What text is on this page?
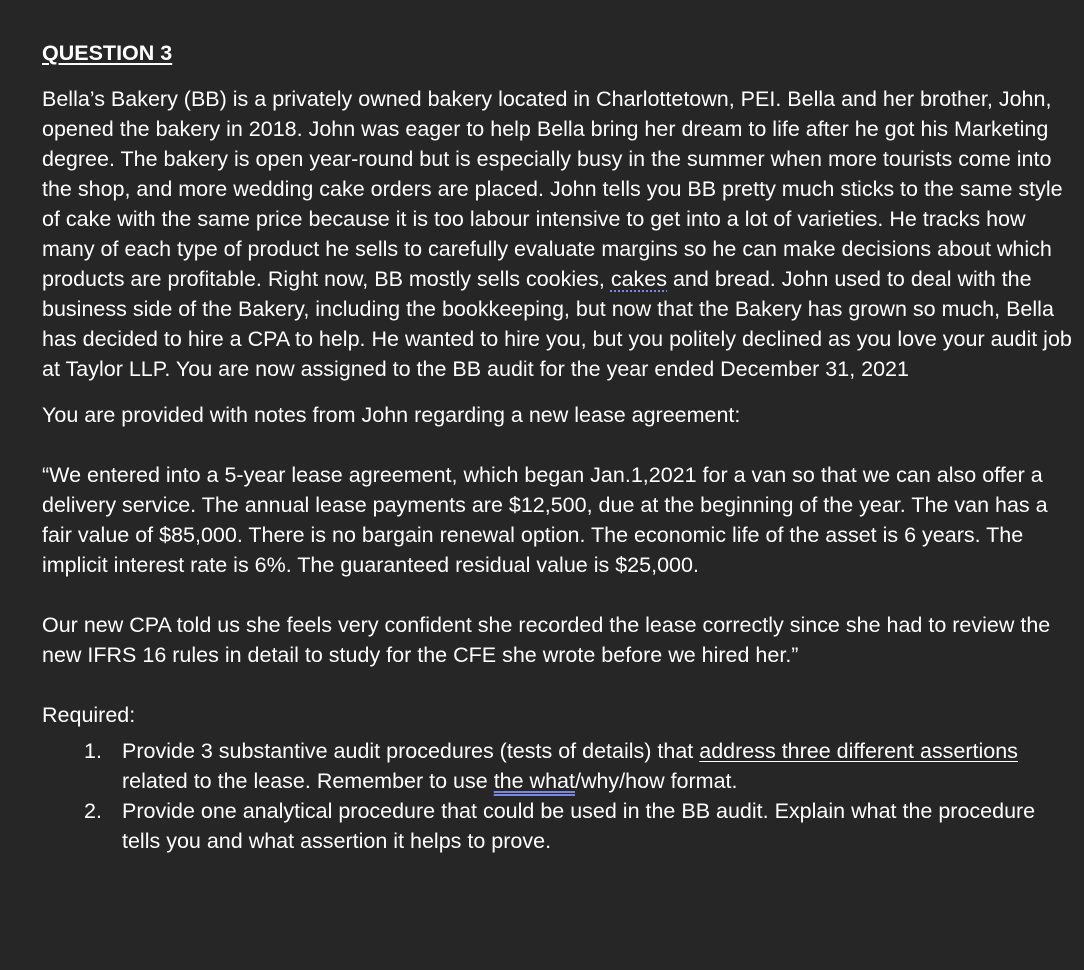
QUESTION 3

Bella’s Bakery (BB) is a privately owned bakery located in Charlottetown, PEI. Bella and her brother, John, opened the bakery in 2018. John was eager to help Bella bring her dream to life after he got his Marketing degree. The bakery is open year-round but is especially busy in the summer when more tourists come into the shop, and more wedding cake orders are placed. John tells you BB pretty much sticks to the same style of cake with the same price because it is too labour intensive to get into a lot of varieties. He tracks how many of each type of product he sells to carefully evaluate margins so he can make decisions about which products are profitable. Right now, BB mostly sells cookies, cakes and bread. John used to deal with the business side of the Bakery, including the bookkeeping, but now that the Bakery has grown so much, Bella has decided to hire a CPA to help. He wanted to hire you, but you politely declined as you love your audit job at Taylor LLP. You are now assigned to the BB audit for the year ended December 31, 2021

You are provided with notes from John regarding a new lease agreement:

“We entered into a 5-year lease agreement, which began Jan.1,2021 for a van so that we can also offer a delivery service. The annual lease payments are $12,500, due at the beginning of the year. The van has a fair value of $85,000. There is no bargain renewal option. The economic life of the asset is 6 years. The implicit interest rate is 6%. The guaranteed residual value is $25,000.

Our new CPA told us she feels very confident she recorded the lease correctly since she had to review the new IFRS 16 rules in detail to study for the CFE she wrote before we hired her.”

Required:

1. Provide 3 substantive audit procedures (tests of details) that address three different assertions related to the lease. Remember to use the what/why/how format.
2. Provide one analytical procedure that could be used in the BB audit. Explain what the procedure tells you and what assertion it helps to prove.
